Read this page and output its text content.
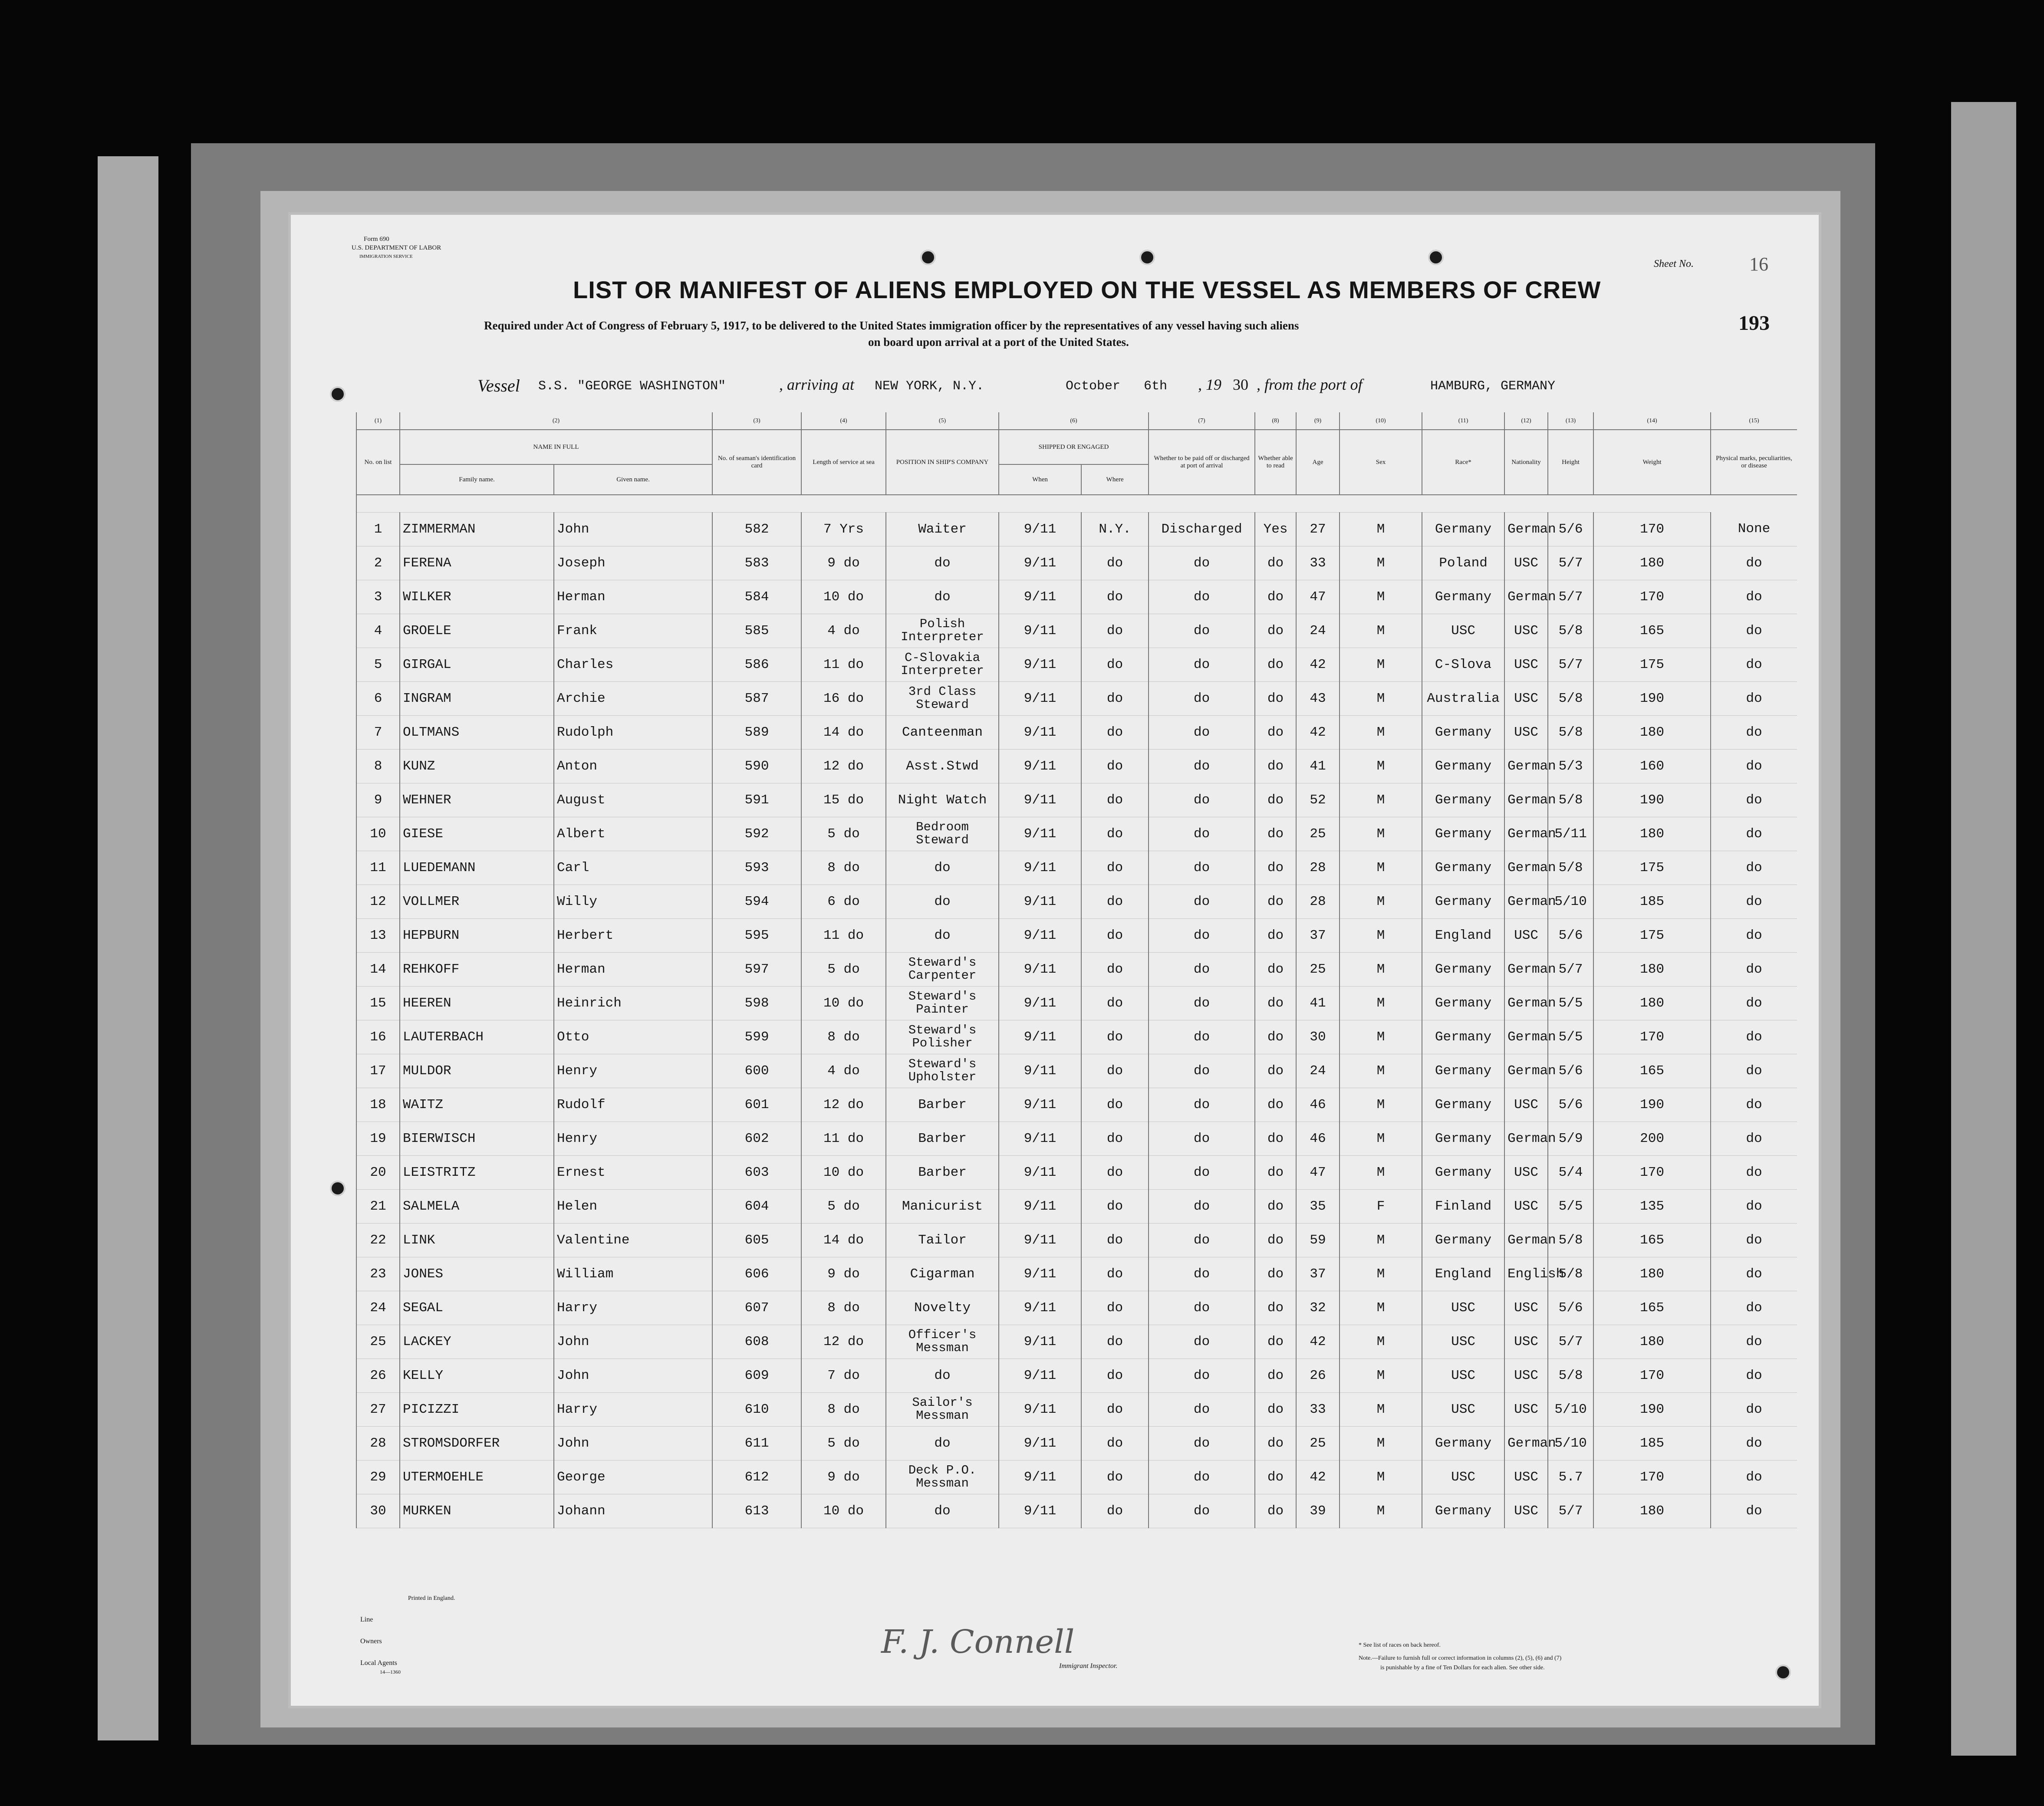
Form 690
U.S. DEPARTMENT OF LABOR
IMMIGRATION SERVICE
Sheet No.	16
193
LIST OR MANIFEST OF ALIENS EMPLOYED ON THE VESSEL AS MEMBERS OF CREW
Required under Act of Congress of February 5, 1917, to be delivered to the United States immigration officer by the representatives of any vessel having such aliens
on board upon arrival at a port of the United States.
Vessel S.S. "GEORGE WASHINGTON"	, arriving at NEW YORK, N.Y.	October 6th , 19 30 , from the port of	HAMBURG, GERMANY
(1)	(2)		(3)	(4)	(5)	(6)		(7)	(8)	(9)	(10)	(11)	(12)	(13)	(14)	(15)
No. on list	NAME IN FULL		No. of seaman's identification card	Length of service at sea	POSITION IN SHIP'S COMPANY	SHIPPED OR ENGAGED		Whether to be paid off or discharged at port of arrival	Whether able to read	Age	Sex	Race*	Nationality	Height	Weight	Physical marks, peculiarities, or disease
	Family name.	Given name.				When	Where									

1	ZIMMERMAN	John	582	7 Yrs	Waiter	9/11	N.Y.	Discharged	Yes	27	M	Germany	German	5/6	170	None
2	FERENA	Joseph	583	9 do	do	9/11	do	do	do	33	M	Poland	USC	5/7	180	do
3	WILKER	Herman	584	10 do	do	9/11	do	do	do	47	M	Germany	German	5/7	170	do
4	GROELE	Frank	585	4 do	Polish Interpreter	9/11	do	do	do	24	M	USC	USC	5/8	165	do
5	GIRGAL	Charles	586	11 do	C-Slovakia Interpreter	9/11	do	do	do	42	M	C-Slova	USC	5/7	175	do
6	INGRAM	Archie	587	16 do	3rd Class Steward	9/11	do	do	do	43	M	Australia	USC	5/8	190	do
7	OLTMANS	Rudolph	589	14 do	Canteenman	9/11	do	do	do	42	M	Germany	USC	5/8	180	do
8	KUNZ	Anton	590	12 do	Asst.Stwd	9/11	do	do	do	41	M	Germany	German	5/3	160	do
9	WEHNER	August	591	15 do	Night Watch	9/11	do	do	do	52	M	Germany	German	5/8	190	do
10	GIESE	Albert	592	5 do	Bedroom Steward	9/11	do	do	do	25	M	Germany	German	5/11	180	do
11	LUEDEMANN	Carl	593	8 do	do	9/11	do	do	do	28	M	Germany	German	5/8	175	do
12	VOLLMER	Willy	594	6 do	do	9/11	do	do	do	28	M	Germany	German	5/10	185	do
13	HEPBURN	Herbert	595	11 do	do	9/11	do	do	do	37	M	England	USC	5/6	175	do
14	REHKOFF	Herman	597	5 do	Steward's Carpenter	9/11	do	do	do	25	M	Germany	German	5/7	180	do
15	HEEREN	Heinrich	598	10 do	Steward's Painter	9/11	do	do	do	41	M	Germany	German	5/5	180	do
16	LAUTERBACH	Otto	599	8 do	Steward's Polisher	9/11	do	do	do	30	M	Germany	German	5/5	170	do
17	MULDOR	Henry	600	4 do	Steward's Upholster	9/11	do	do	do	24	M	Germany	German	5/6	165	do
18	WAITZ	Rudolf	601	12 do	Barber	9/11	do	do	do	46	M	Germany	USC	5/6	190	do
19	BIERWISCH	Henry	602	11 do	Barber	9/11	do	do	do	46	M	Germany	German	5/9	200	do
20	LEISTRITZ	Ernest	603	10 do	Barber	9/11	do	do	do	47	M	Germany	USC	5/4	170	do
21	SALMELA	Helen	604	5 do	Manicurist	9/11	do	do	do	35	F	Finland	USC	5/5	135	do
22	LINK	Valentine	605	14 do	Tailor	9/11	do	do	do	59	M	Germany	German	5/8	165	do
23	JONES	William	606	9 do	Cigarman	9/11	do	do	do	37	M	England	English	5/8	180	do
24	SEGAL	Harry	607	8 do	Novelty	9/11	do	do	do	32	M	USC	USC	5/6	165	do
25	LACKEY	John	608	12 do	Officer's Messman	9/11	do	do	do	42	M	USC	USC	5/7	180	do
26	KELLY	John	609	7 do	do	9/11	do	do	do	26	M	USC	USC	5/8	170	do
27	PICIZZI	Harry	610	8 do	Sailor's Messman	9/11	do	do	do	33	M	USC	USC	5/10	190	do
28	STROMSDORFER	John	611	5 do	do	9/11	do	do	do	25	M	Germany	German	5/10	185	do
29	UTERMOEHLE	George	612	9 do	Deck P.O. Messman	9/11	do	do	do	42	M	USC	USC	5.7	170	do
30	MURKEN	Johann	613	10 do	do	9/11	do	do	do	39	M	Germany	USC	5/7	180	do
Printed in England.
Line
Owners
Local Agents
14—1360
F. J. Connell
Immigrant Inspector.
* See list of races on back hereof.
Note.—Failure to furnish full or correct information in columns (2), (5), (6) and (7)
is punishable by a fine of Ten Dollars for each alien. See other side.
